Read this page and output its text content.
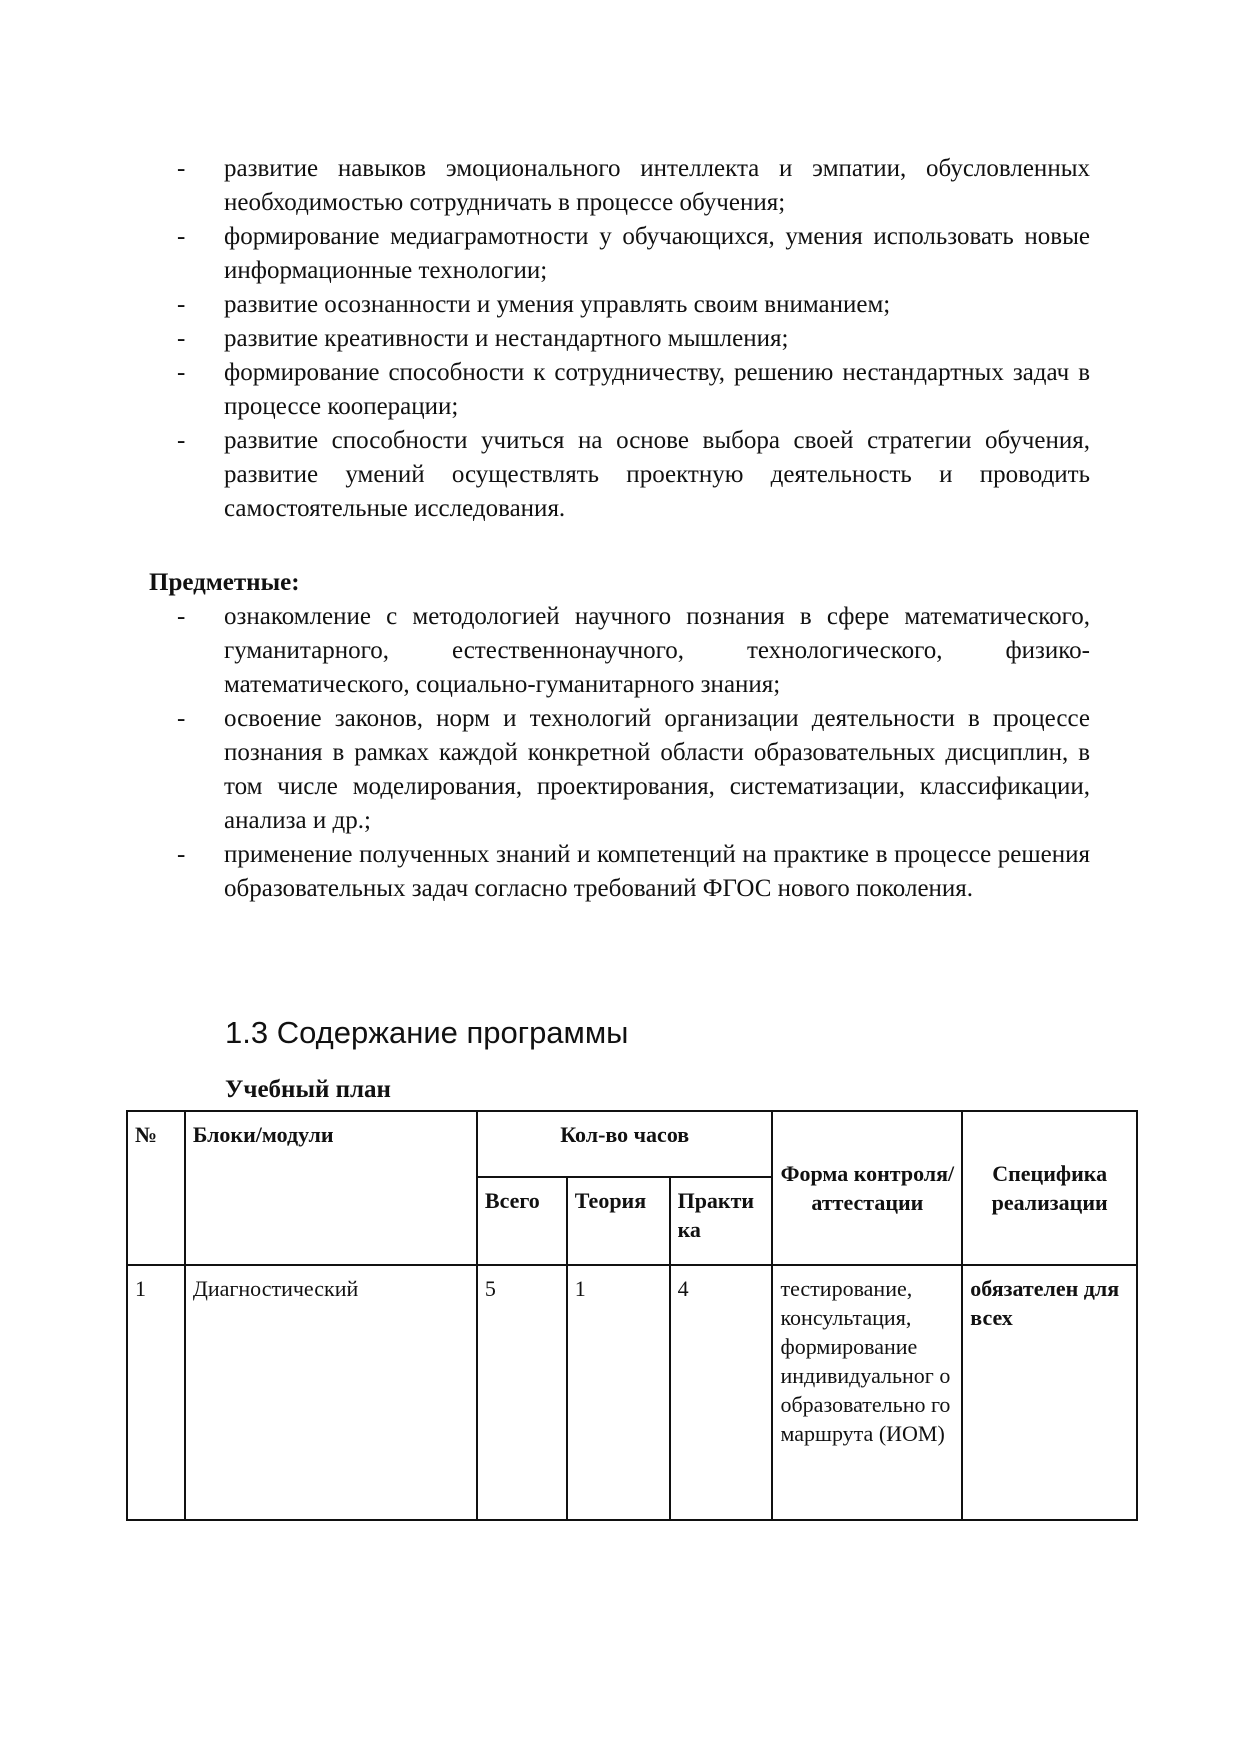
- развитие навыков эмоционального интеллекта и эмпатии, обусловленных необходимостью сотрудничать в процессе обучения;
- формирование медиаграмотности у обучающихся, умения использовать новые информационные технологии;
- развитие осознанности и умения управлять своим вниманием;
- развитие креативности и нестандартного мышления;
- формирование способности к сотрудничеству, решению нестандартных задач в процессе кооперации;
- развитие способности учиться на основе выбора своей стратегии обучения, развитие умений осуществлять проектную деятельность и проводить самостоятельные исследования.
Предметные:
- ознакомление с методологией научного познания в сфере математического, гуманитарного, естественнонаучного, технологического, физико-математического, социально-гуманитарного знания;
- освоение законов, норм и технологий организации деятельности в процессе познания в рамках каждой конкретной области образовательных дисциплин, в том числе моделирования, проектирования, систематизации, классификации, анализа и др.;
- применение полученных знаний и компетенций на практике в процессе решения образовательных задач согласно требований ФГОС нового поколения.
1.3 Содержание программы
Учебный план
№	Блоки/модули	Кол-во часов			Форма контроля/ аттестации	Специфика реализации
		Всего	Теория	Практи ка		
1	Диагностический	5	1	4	тестирование, консультация, формирование индивидуальног о образовательно го маршрута (ИОМ)	обязателен для всех
